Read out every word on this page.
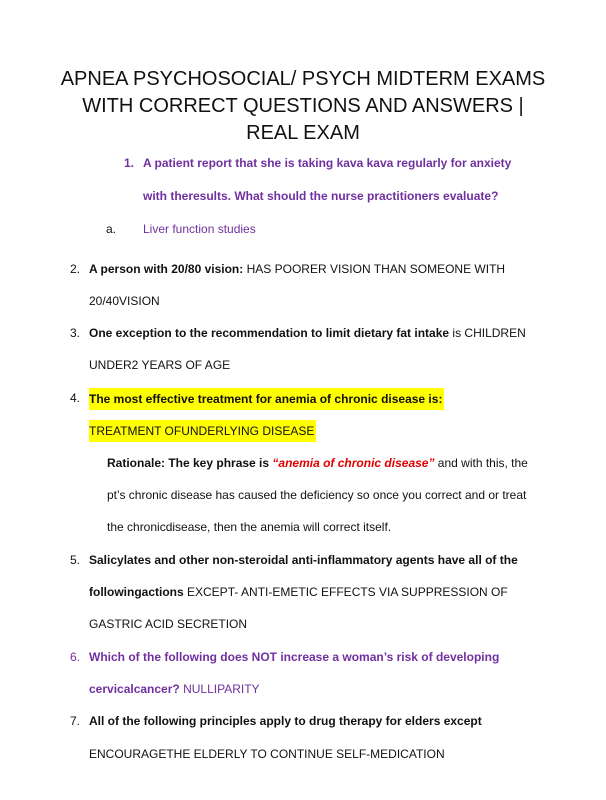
APNEA PSYCHOSOCIAL/ PSYCH MIDTERM EXAMS WITH CORRECT QUESTIONS AND ANSWERS | REAL EXAM
1. A patient report that she is taking kava kava regularly for anxiety
with theresults. What should the nurse practitioners evaluate?
a. Liver function studies
2. A person with 20/80 vision: HAS POORER VISION THAN SOMEONE WITH
20/40VISION
3. One exception to the recommendation to limit dietary fat intake is CHILDREN
UNDER2 YEARS OF AGE
4. The most effective treatment for anemia of chronic disease is:
TREATMENT OFUNDERLYING DISEASE
Rationale: The key phrase is “anemia of chronic disease” and with this, the
pt’s chronic disease has caused the deficiency so once you correct and or treat
the chronicdisease, then the anemia will correct itself.
5. Salicylates and other non-steroidal anti-inflammatory agents have all of the
followingactions EXCEPT- ANTI-EMETIC EFFECTS VIA SUPPRESSION OF
GASTRIC ACID SECRETION
6. Which of the following does NOT increase a woman’s risk of developing
cervicalcancer? NULLIPARITY
7. All of the following principles apply to drug therapy for elders except
ENCOURAGETHE ELDERLY TO CONTINUE SELF-MEDICATION
